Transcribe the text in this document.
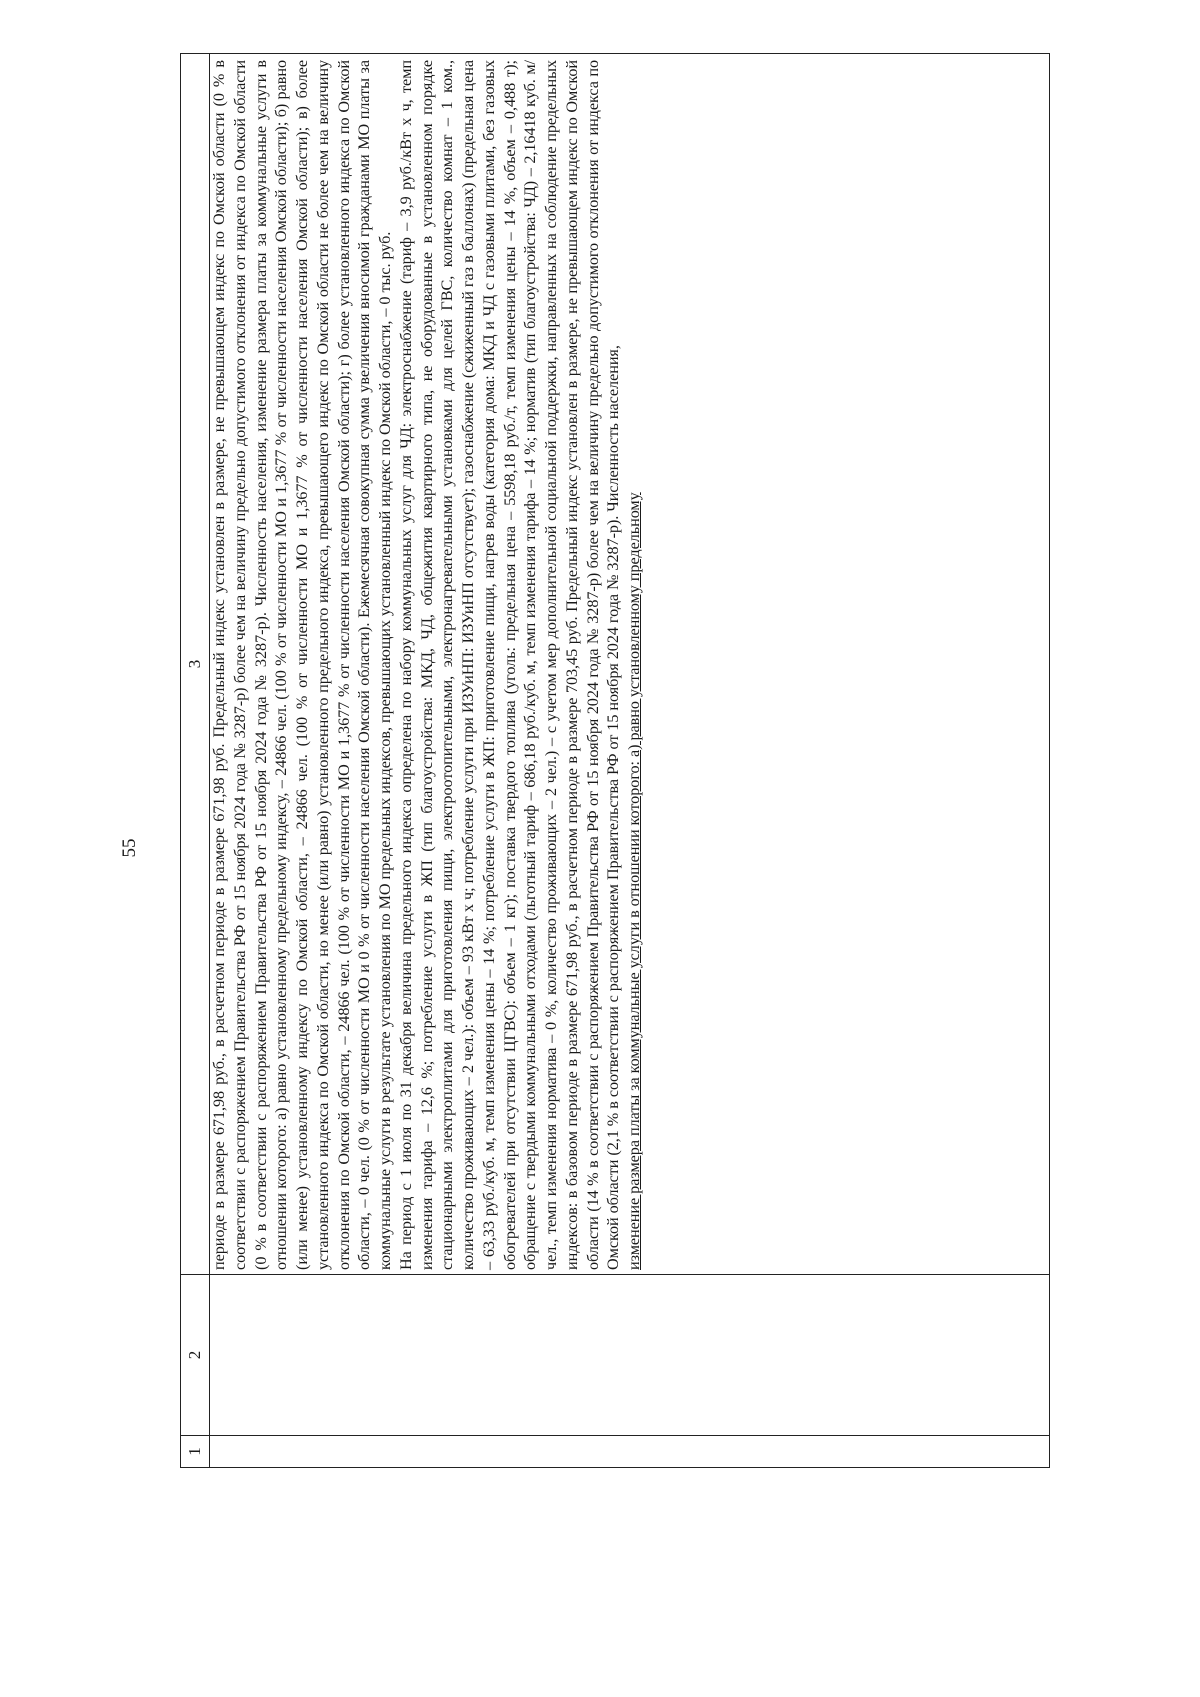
55
1
2
3 периоде в размере 671,98 руб., в расчетном периоде в размере 671,98 руб. Предельный индекс установлен в размере, не превышающем индекс по Омской области (0 % в соответствии с распоряжением Правительства РФ от 15 ноября 2024 года № 3287-р) более чем на величину предельно допустимого отклонения от индекса по Омской области (0 % в соответствии с распоряжением Правительства РФ от 15 ноября 2024 года № 3287-р). Численность населения, изменение размера платы за коммунальные услуги в отношении которого: а) равно установленному предельному индексу, – 24866 чел. (100 % от численности МО и 1,3677 % от численности населения Омской области); б) равно (или менее) установленному индексу по Омской области, – 24866 чел. (100 % от численности МО и 1,3677 % от численности населения Омской области); в) более установленного индекса по Омской области, но менее (или равно) установленного предельного индекса, превышающего индекс по Омской области не более чем на величину отклонения по Омской области, – 24866 чел. (100 % от численности МО и 1,3677 % от численности населения Омской области); г) более установленного индекса по Омской области, – 0 чел. (0 % от численности МО и 0 % от численности населения Омской области). Ежемесячная совокупная сумма увеличения вносимой гражданами МО платы за коммунальные услуги в результате установления по МО предельных индексов, превышающих установленный индекс по Омской области, – 0 тыс. руб. На период с 1 июля по 31 декабря величина предельного индекса определена по набору коммунальных услуг для ЧД: электроснабжение (тариф – 3,9 руб./кВт х ч, темп изменения тарифа – 12,6 %; потребление услуги в ЖП (тип благоустройства: МКД, ЧД, общежития квартирного типа, не оборудованные в установленном порядке стационарными электроплитами для приготовления пищи, электроотопительными, электронагревательными установками для целей ГВС, количество комнат – 1 ком., количество проживающих – 2 чел.): объем – 93 кВт х ч; потребление услуги при ИЗУиНП: ИЗУиНП отсутствует); газоснабжение (сжиженный газ в баллонах) (предельная цена – 63,33 руб./куб. м, темп изменения цены – 14 %; потребление услуги в ЖП: приготовление пищи, нагрев воды (категория дома: МКД и ЧД с газовыми плитами, без газовых обогревателей при отсутствии ЦГВС): объем – 1 кг); поставка твердого топлива (уголь: предельная цена – 5598,18 руб./т, темп изменения цены – 14 %, объем – 0,488 т); обращение с твердыми коммунальными отходами (льготный тариф – 686,18 руб./куб. м, темп изменения тарифа – 14 %; норматив (тип благоустройства: ЧД) – 2,16418 куб. м/чел., темп изменения норматива – 0 %, количество проживающих – 2 чел.) – с учетом мер дополнительной социальной поддержки, направленных на соблюдение предельных индексов: в базовом периоде в размере 671,98 руб., в расчетном периоде в размере 703,45 руб. Предельный индекс установлен в размере, не превышающем индекс по Омской области (14 % в соответствии с распоряжением Правительства РФ от 15 ноября 2024 года № 3287-р) более чем на величину предельно допустимого отклонения от индекса по Омской области (2,1 % в соответствии с распоряжением Правительства РФ от 15 ноября 2024 года № 3287-р). Численность населения, изменение размера платы за коммунальные услуги в отношении которого: а) равно установленному предельному
